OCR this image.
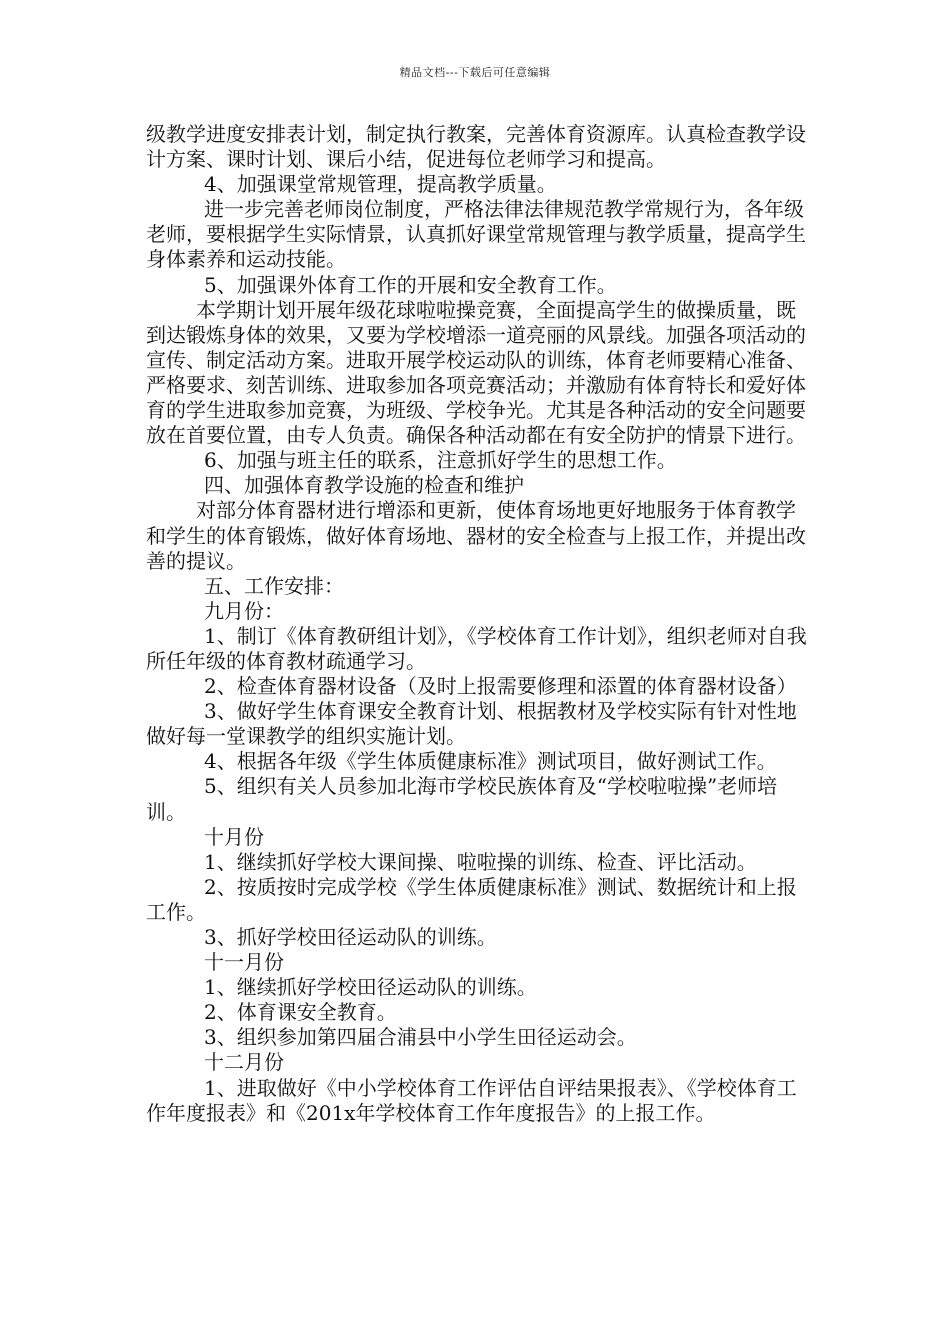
精品文档---下载后可任意编辑

级教学进度安排表计划，制定执行教案，完善体育资源库。认真检查教学设计方案、课时计划、课后小结，促进每位老师学习和提高。

4、加强课堂常规管理，提高教学质量。

进一步完善老师岗位制度，严格法律法律规范教学常规行为，各年级老师，要根据学生实际情景，认真抓好课堂常规管理与教学质量，提高学生身体素养和运动技能。

5、加强课外体育工作的开展和安全教育工作。

本学期计划开展年级花球啦啦操竞赛，全面提高学生的做操质量，既到达锻炼身体的效果，又要为学校增添一道亮丽的风景线。加强各项活动的宣传、制定活动方案。进取开展学校运动队的训练，体育老师要精心准备、严格要求、刻苦训练、进取参加各项竞赛活动；并激励有体育特长和爱好体育的学生进取参加竞赛，为班级、学校争光。尤其是各种活动的安全问题要放在首要位置，由专人负责。确保各种活动都在有安全防护的情景下进行。

6、加强与班主任的联系，注意抓好学生的思想工作。

四、加强体育教学设施的检查和维护

对部分体育器材进行增添和更新，使体育场地更好地服务于体育教学和学生的体育锻炼，做好体育场地、器材的安全检查与上报工作，并提出改善的提议。

五、工作安排：

九月份：

1、制订《体育教研组计划》，《学校体育工作计划》，组织老师对自我所任年级的体育教材疏通学习。

2、检查体育器材设备（及时上报需要修理和添置的体育器材设备）

3、做好学生体育课安全教育计划、根据教材及学校实际有针对性地做好每一堂课教学的组织实施计划。

4、根据各年级《学生体质健康标准》测试项目，做好测试工作。

5、组织有关人员参加北海市学校民族体育及“学校啦啦操”老师培训。

十月份

1、继续抓好学校大课间操、啦啦操的训练、检查、评比活动。

2、按质按时完成学校《学生体质健康标准》测试、数据统计和上报工作。

3、抓好学校田径运动队的训练。

十一月份

1、继续抓好学校田径运动队的训练。

2、体育课安全教育。

3、组织参加第四届合浦县中小学生田径运动会。

十二月份

1、进取做好《中小学校体育工作评估自评结果报表》、《学校体育工作年度报表》和《201x年学校体育工作年度报告》的上报工作。
